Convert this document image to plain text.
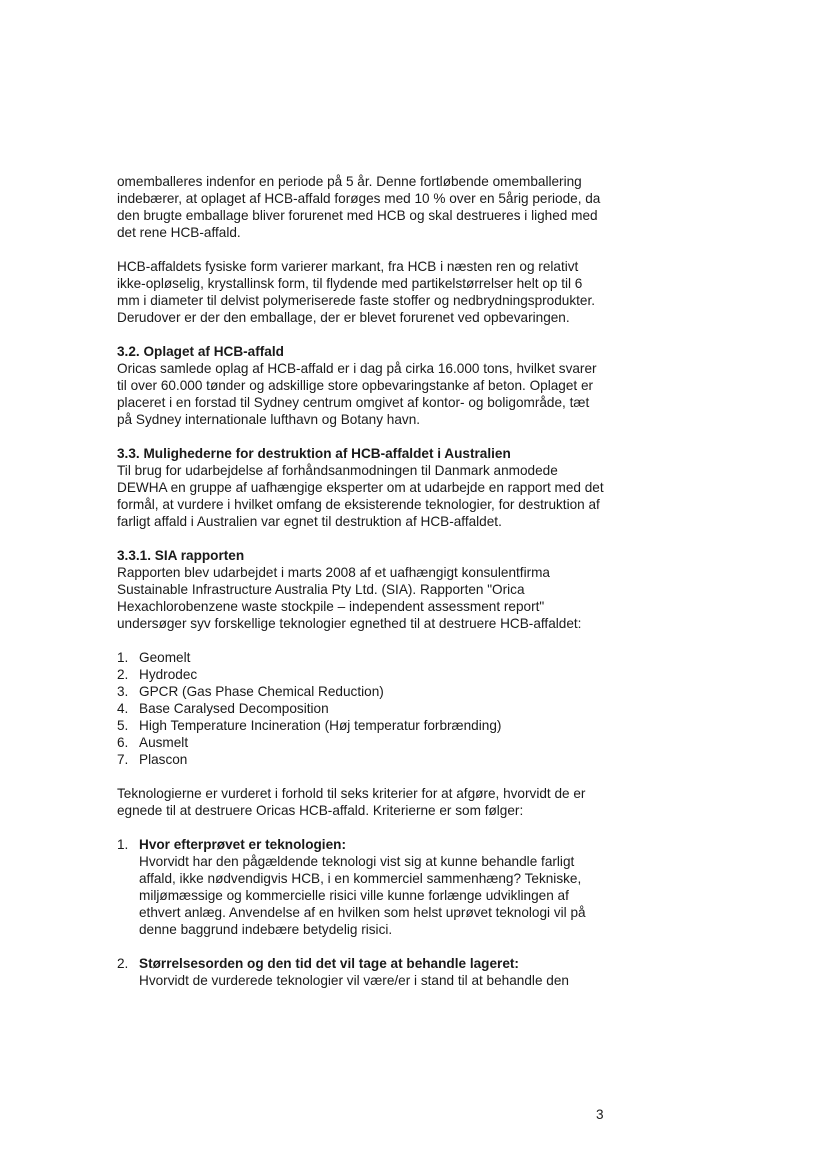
omemballeres indenfor en periode på 5 år. Denne fortløbende omemballering indebærer, at oplaget af HCB-affald forøges med 10 % over en 5årig periode, da den brugte emballage bliver forurenet med HCB og skal destrueres i lighed med det rene HCB-affald.

HCB-affaldets fysiske form varierer markant, fra HCB i næsten ren og relativt ikke-opløselig, krystallinsk form, til flydende med partikelstørrelser helt op til 6 mm i diameter til delvist polymeriserede faste stoffer og nedbrydningsprodukter. Derudover er der den emballage, der er blevet forurenet ved opbevaringen.

3.2. Oplaget af HCB-affald

Oricas samlede oplag af HCB-affald er i dag på cirka 16.000 tons, hvilket svarer til over 60.000 tønder og adskillige store opbevaringstanke af beton. Oplaget er placeret i en forstad til Sydney centrum omgivet af kontor- og boligområde, tæt på Sydney internationale lufthavn og Botany havn.

3.3. Mulighederne for destruktion af HCB-affaldet i Australien

Til brug for udarbejdelse af forhåndsanmodningen til Danmark anmodede DEWHA en gruppe af uafhængige eksperter om at udarbejde en rapport med det formål, at vurdere i hvilket omfang de eksisterende teknologier, for destruktion af farligt affald i Australien var egnet til destruktion af HCB-affaldet.

3.3.1. SIA rapporten

Rapporten blev udarbejdet i marts 2008 af et uafhængigt konsulentfirma Sustainable Infrastructure Australia Pty Ltd. (SIA). Rapporten "Orica Hexachlorobenzene waste stockpile – independent assessment report" undersøger syv forskellige teknologier egnethed til at destruere HCB-affaldet:

1. Geomelt
2. Hydrodec
3. GPCR (Gas Phase Chemical Reduction)
4. Base Caralysed Decomposition
5. High Temperature Incineration (Høj temperatur forbrænding)
6. Ausmelt
7. Plascon

Teknologierne er vurderet i forhold til seks kriterier for at afgøre, hvorvidt de er egnede til at destruere Oricas HCB-affald. Kriterierne er som følger:

1. Hvor efterprøvet er teknologien:
Hvorvidt har den pågældende teknologi vist sig at kunne behandle farligt affald, ikke nødvendigvis HCB, i en kommerciel sammenhæng? Tekniske, miljømæssige og kommercielle risici ville kunne forlænge udviklingen af ethvert anlæg. Anvendelse af en hvilken som helst uprøvet teknologi vil på denne baggrund indebære betydelig risici.
2. Størrelsesorden og den tid det vil tage at behandle lageret:
Hvorvidt de vurderede teknologier vil være/er i stand til at behandle den
3
